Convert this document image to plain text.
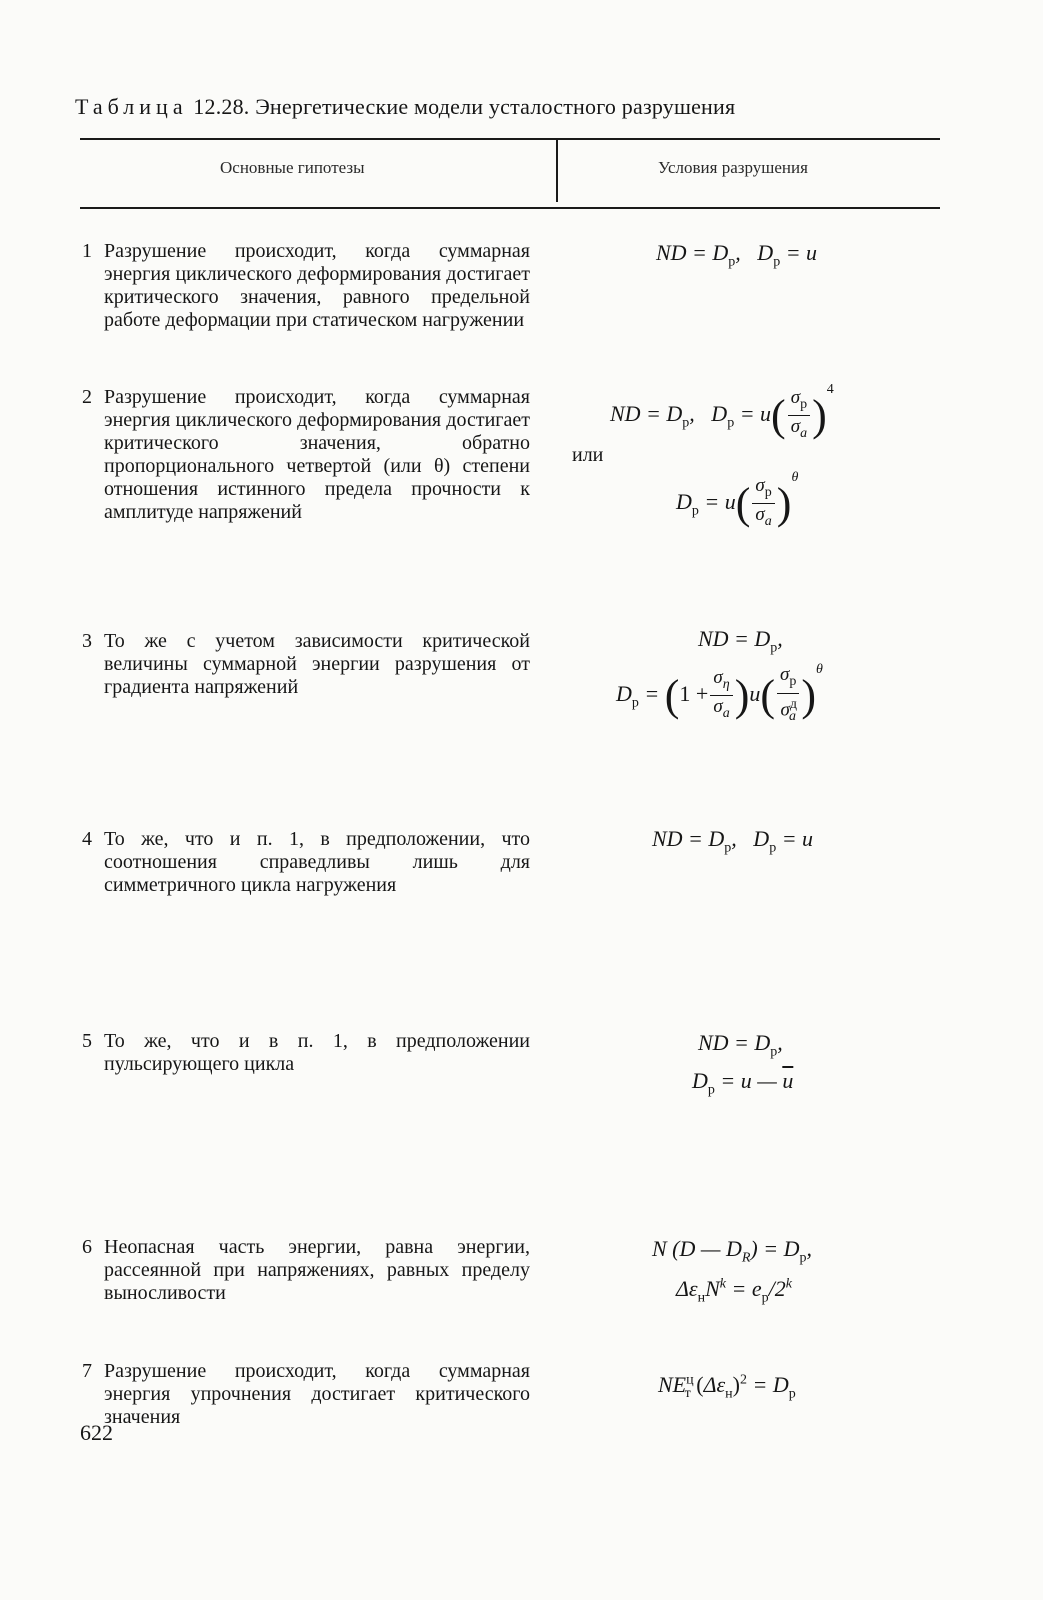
Таблица 12.28. Энергетические модели усталостного разрушения
Основные гипотезы	Условия разрушения
1 Разрушение происходит, когда суммарная энергия циклического деформирования достигает критического значения, равного предельной работе деформации при статическом нагружении
ND = $D_p$,   $D_p = u$
2 Разрушение происходит, когда суммарная энергия циклического деформирования достигает критического значения, обратно пропорционального четвертой (или θ) степени отношения истинного предела прочности к амплитуде напряжений
ND = $D_p$,   $D_p = u( \frac{\sigma_p}{\sigma_a} )^4$
или
$D_p = u( \frac{\sigma_p}{\sigma_a} )^\theta$
3 То же с учетом зависимости критической величины суммарной энергии разрушения от градиента напряжений
ND = $D_p$,
$D_p = (1 + \frac{\sigma_\eta}{\sigma_a} )u( \frac{\sigma_p}{\sigma^д_a} )^\theta$
4 То же, что и п. 1, в предположении, что соотношения справедливы лишь для симметричного цикла нагружения
ND = $D_p$,   $D_p = u$
5 То же, что и в п. 1, в предположении пульсирующего цикла
ND = $D_p$,
$D_p = u$ — $\overline{u}$
6 Неопасная часть энергии, равна энергии, рассеянной при напряжениях, равных пределу выносливости
N (D — $D_R) = D_p$,
$\Delta\varepsilon_нN^k = e_p/2^k$
7 Разрушение происходит, когда суммарная энергия упрочнения достигает критического значения
$NE^ц_т$ $(\Delta\varepsilon_н)^2 = D_p$
622
